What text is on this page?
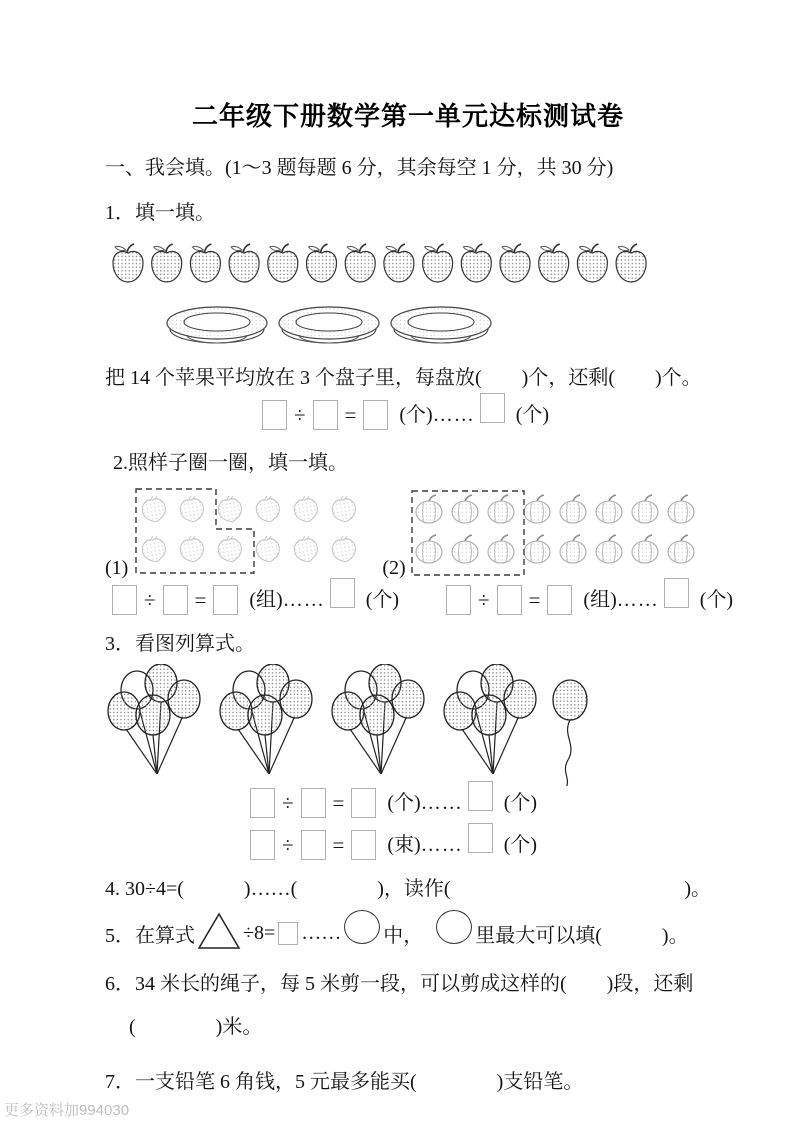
二年级下册数学第一单元达标测试卷
一、我会填。(1～3 题每题 6 分，其余每空 1 分，共 30 分)
1．填一填。
把 14 个苹果平均放在 3 个盘子里，每盘放(　　)个，还剩(　　)个。
÷ = (个) …… (个)
2.照样子圈一圈，填一填。
(1)	(2)
÷ = (组) …… (个)	÷ = (组) …… (个)
3．看图列算式。
÷ = (个) …… (个)
÷ = (束) …… (个)
4. 30÷4=(　　　)……(　　　　)，读作(	)。
5．在算式 ÷8= …… 中，	里最大可以填(　　　)。
6．34 米长的绳子，每 5 米剪一段，可以剪成这样的(　　)段，还剩
(　　　　)米。
7．一支铅笔 6 角钱，5 元最多能买(　　　　)支铅笔。
更多资料加994030
